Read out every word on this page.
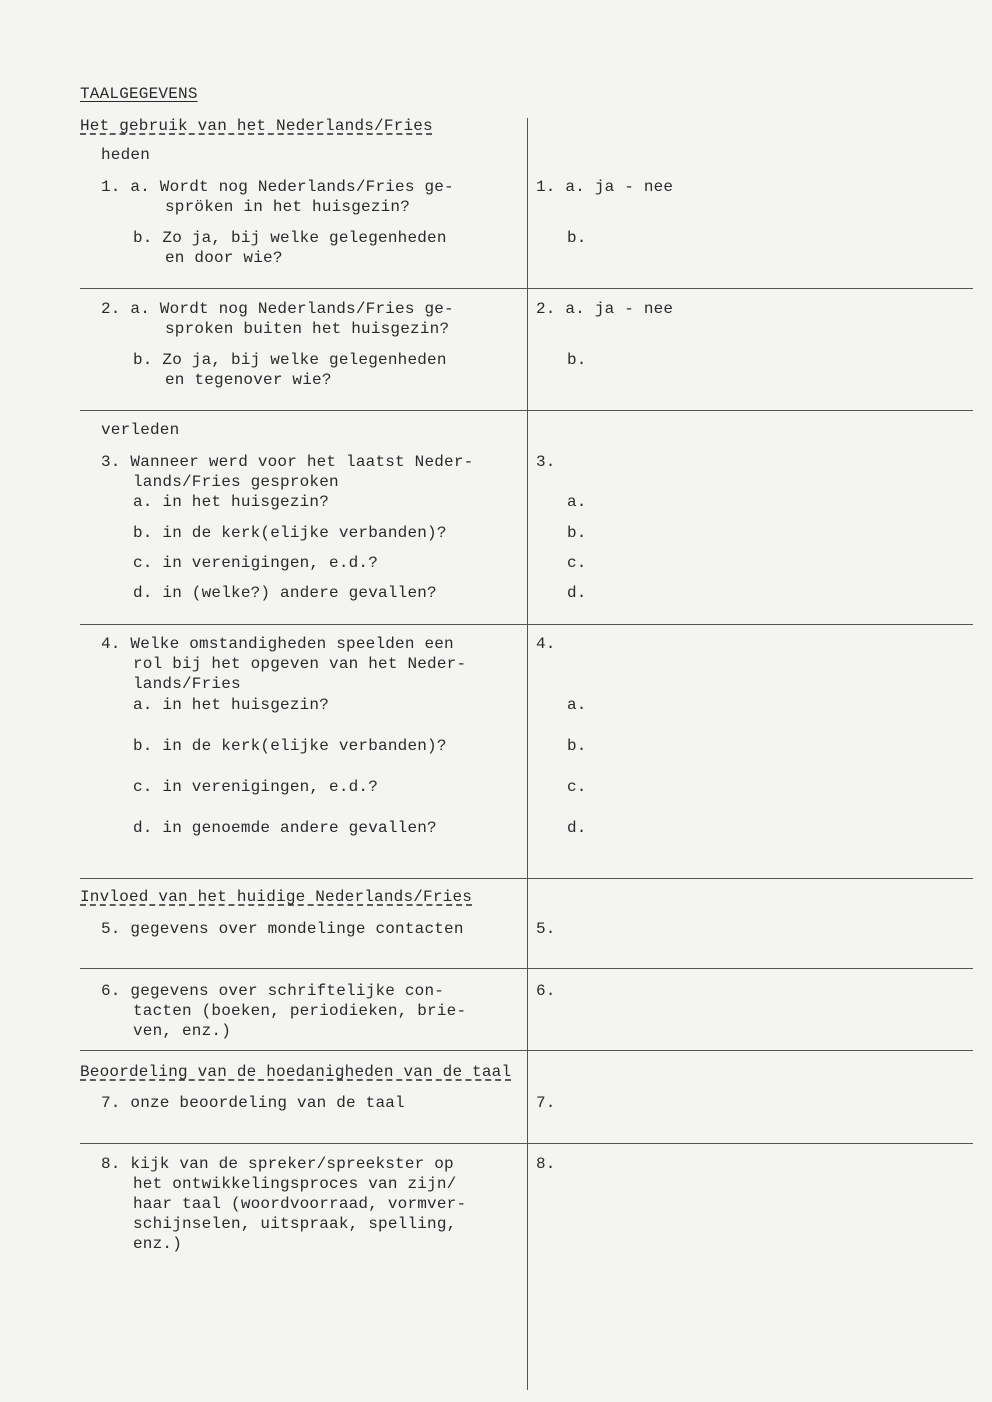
TAALGEGEVENS
Het gebruik van het Nederlands/Fries
heden
1. a. Wordt nog Nederlands/Fries ge-
spröken in het huisgezin?
b. Zo ja, bij welke gelegenheden
en door wie?
1. a. ja - nee
b.
2. a. Wordt nog Nederlands/Fries ge-
sproken buiten het huisgezin?
b. Zo ja, bij welke gelegenheden
en tegenover wie?
2. a. ja - nee
b.
verleden
3. Wanneer werd voor het laatst Neder-
lands/Fries gesproken
a. in het huisgezin?
b. in de kerk(elijke verbanden)?
c. in verenigingen, e.d.?
d. in (welke?) andere gevallen?
3.
a.
b.
c.
d.
4. Welke omstandigheden speelden een
rol bij het opgeven van het Neder-
lands/Fries
a. in het huisgezin?
b. in de kerk(elijke verbanden)?
c. in verenigingen, e.d.?
d. in genoemde andere gevallen?
4.
a.
b.
c.
d.
Invloed van het huidige Nederlands/Fries
5. gegevens over mondelinge contacten	5.
6. gegevens over schriftelijke con-
tacten (boeken, periodieken, brie-
ven, enz.)
6.
Beoordeling van de hoedanigheden van de taal
7. onze beoordeling van de taal	7.
8. kijk van de spreker/spreekster op
het ontwikkelingsproces van zijn/
haar taal (woordvoorraad, vormver-
schijnselen, uitspraak, spelling,
enz.)
8.
